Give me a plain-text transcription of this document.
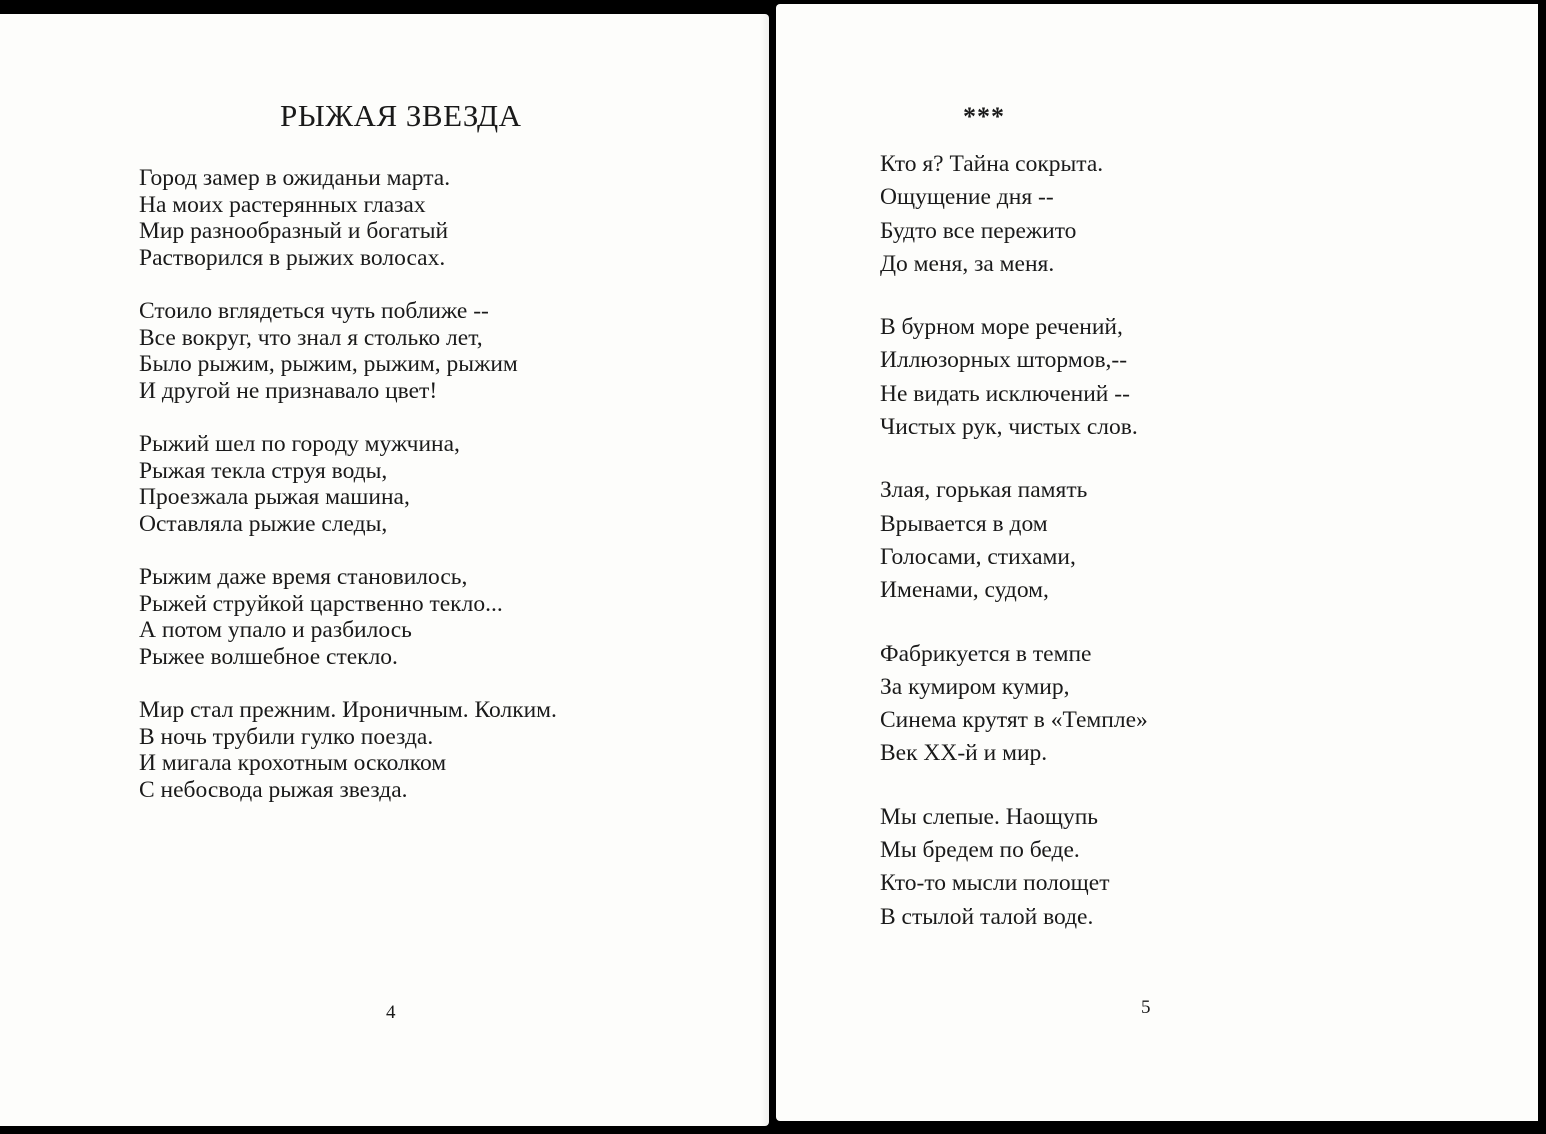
РЫЖАЯ ЗВЕЗДА

Город замер в ожиданьи марта.
На моих растерянных глазах
Мир разнообразный и богатый
Растворился в рыжих волосах.

Стоило вглядеться чуть поближе --
Все вокруг, что знал я столько лет,
Было рыжим, рыжим, рыжим, рыжим
И другой не признавало цвет!

Рыжий шел по городу мужчина,
Рыжая текла струя воды,
Проезжала рыжая машина,
Оставляла рыжие следы,

Рыжим даже время становилось,
Рыжей струйкой царственно текло...
А потом упало и разбилось
Рыжее волшебное стекло.

Мир стал прежним. Ироничным. Колким.
В ночь трубили гулко поезда.
И мигала крохотным осколком
С небосвода рыжая звезда.

4
***

Кто я? Тайна сокрыта.
Ощущение дня --
Будто все пережито
До меня, за меня.

В бурном море речений,
Иллюзорных штормов,--
Не видать исключений --
Чистых рук, чистых слов.

Злая, горькая память
Врывается в дом
Голосами, стихами,
Именами, судом,

Фабрикуется в темпе
За кумиром кумир,
Синема крутят в «Темпле»
Век XX-й и мир.

Мы слепые. Наощупь
Мы бредем по беде.
Кто-то мысли полощет
В стылой талой воде.

5
